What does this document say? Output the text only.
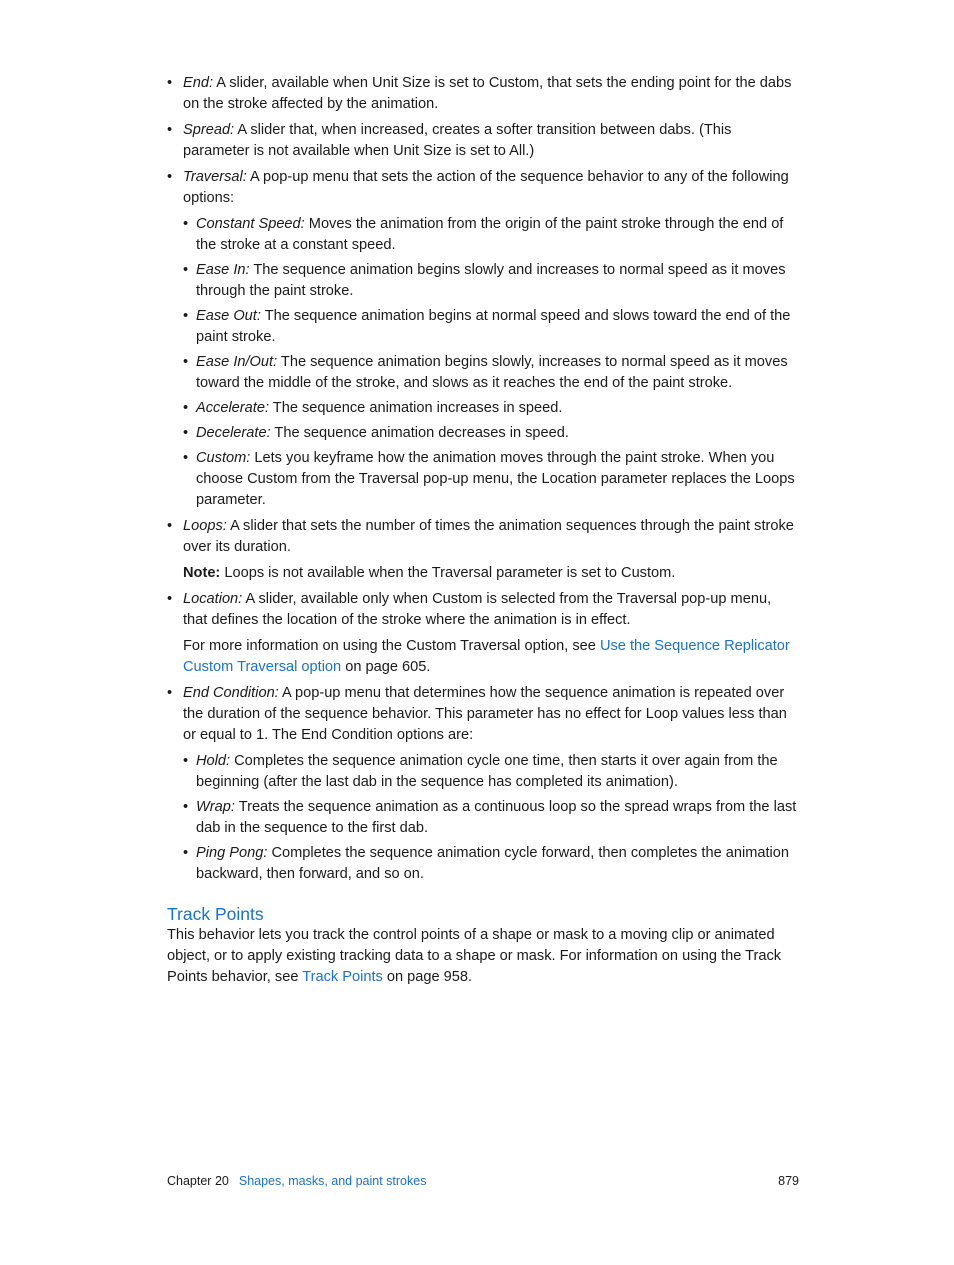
• End: A slider, available when Unit Size is set to Custom, that sets the ending point for the dabs on the stroke affected by the animation.
• Spread: A slider that, when increased, creates a softer transition between dabs. (This parameter is not available when Unit Size is set to All.)
• Traversal: A pop-up menu that sets the action of the sequence behavior to any of the following options:
• Constant Speed: Moves the animation from the origin of the paint stroke through the end of the stroke at a constant speed.
• Ease In: The sequence animation begins slowly and increases to normal speed as it moves through the paint stroke.
• Ease Out: The sequence animation begins at normal speed and slows toward the end of the paint stroke.
• Ease In/Out: The sequence animation begins slowly, increases to normal speed as it moves toward the middle of the stroke, and slows as it reaches the end of the paint stroke.
• Accelerate: The sequence animation increases in speed.
• Decelerate: The sequence animation decreases in speed.
• Custom: Lets you keyframe how the animation moves through the paint stroke. When you choose Custom from the Traversal pop-up menu, the Location parameter replaces the Loops parameter.
• Loops: A slider that sets the number of times the animation sequences through the paint stroke over its duration.

Note: Loops is not available when the Traversal parameter is set to Custom.

• Location: A slider, available only when Custom is selected from the Traversal pop-up menu, that defines the location of the stroke where the animation is in effect.

For more information on using the Custom Traversal option, see Use the Sequence Replicator Custom Traversal option on page 605.

• End Condition: A pop-up menu that determines how the sequence animation is repeated over the duration of the sequence behavior. This parameter has no effect for Loop values less than or equal to 1. The End Condition options are:
• Hold: Completes the sequence animation cycle one time, then starts it over again from the beginning (after the last dab in the sequence has completed its animation).
• Wrap: Treats the sequence animation as a continuous loop so the spread wraps from the last dab in the sequence to the first dab.
• Ping Pong: Completes the sequence animation cycle forward, then completes the animation backward, then forward, and so on.
Track Points

This behavior lets you track the control points of a shape or mask to a moving clip or animated object, or to apply existing tracking data to a shape or mask. For information on using the Track Points behavior, see Track Points on page 958.

Chapter 20 Shapes, masks, and paint strokes	879
